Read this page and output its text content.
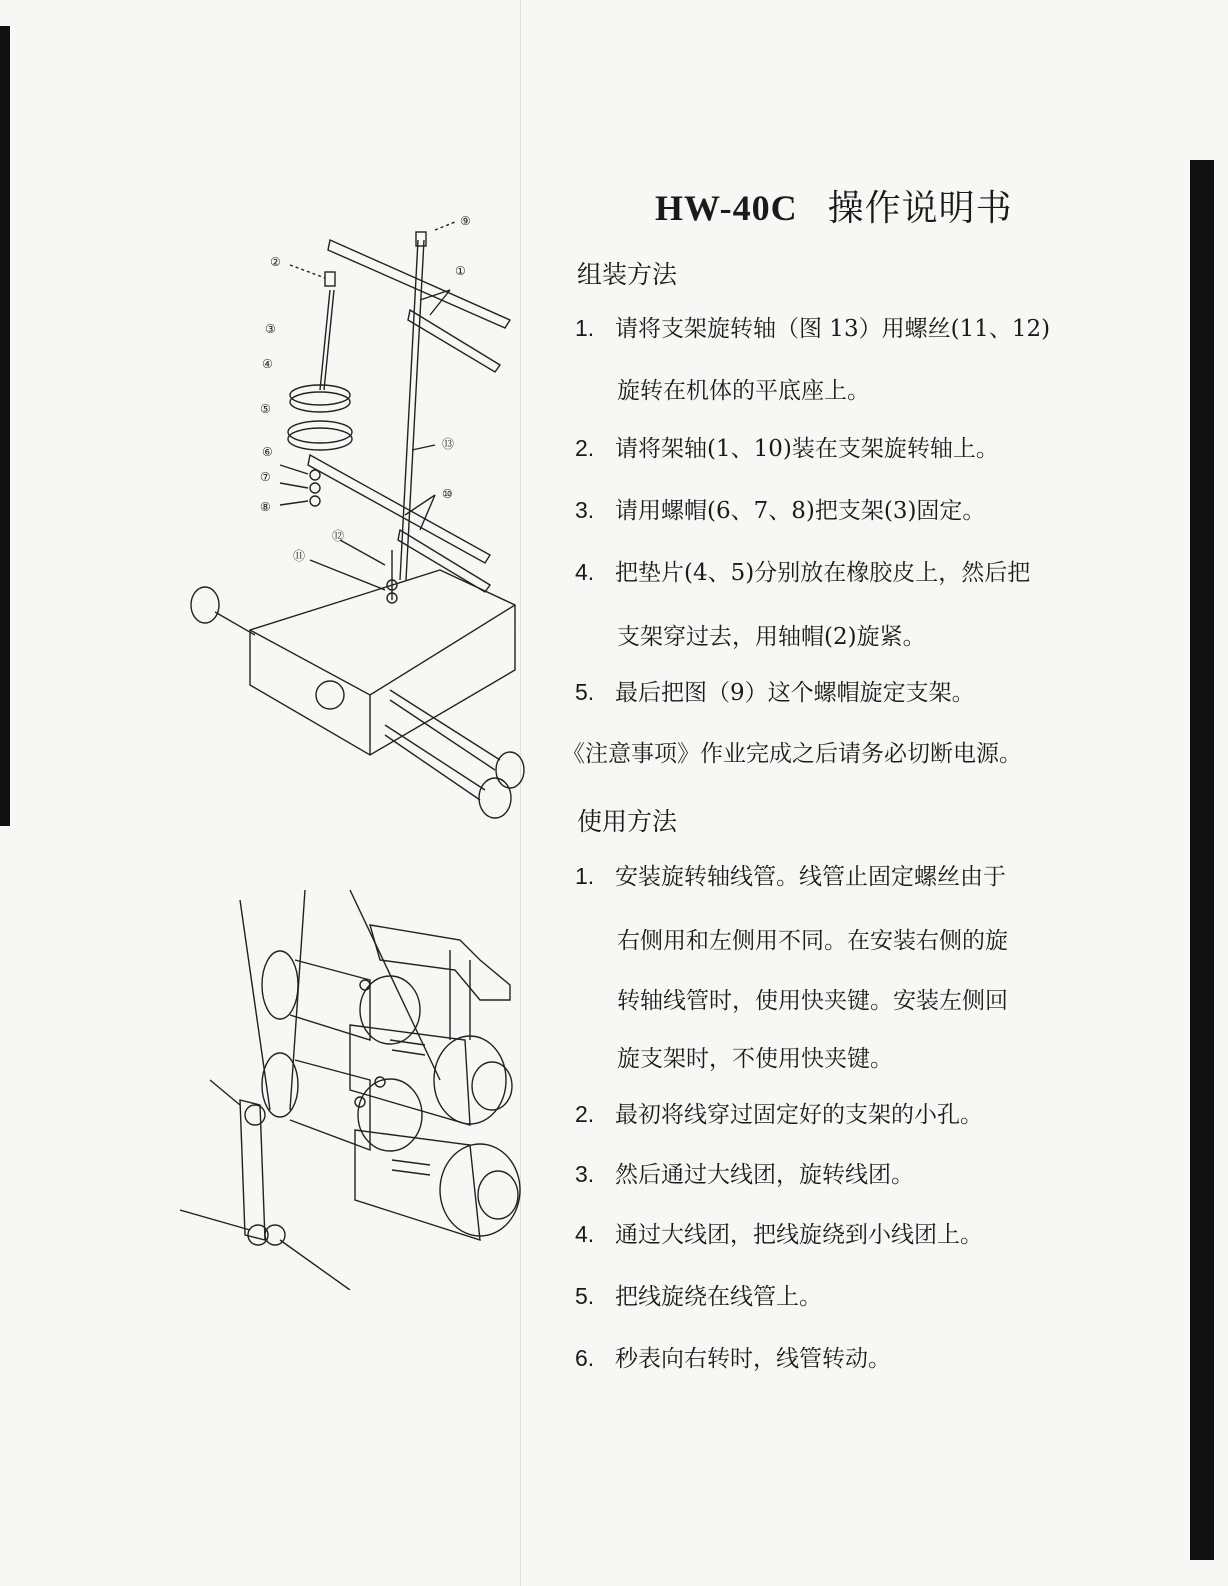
HW-40C 操作说明书
组装方法
1. 请将支架旋转轴（图 13）用螺丝(11、12)
旋转在机体的平底座上。
2. 请将架轴(1、10)装在支架旋转轴上。
3. 请用螺帽(6、7、8)把支架(3)固定。
4. 把垫片(4、5)分别放在橡胶皮上，然后把
支架穿过去，用轴帽(2)旋紧。
5. 最后把图（9）这个螺帽旋定支架。
《注意事项》作业完成之后请务必切断电源。
使用方法
1. 安装旋转轴线管。线管止固定螺丝由于
右侧用和左侧用不同。在安装右侧的旋
转轴线管时，使用快夹键。安装左侧回
旋支架时，不使用快夹键。
2. 最初将线穿过固定好的支架的小孔。
3. 然后通过大线团，旋转线团。
4. 通过大线团，把线旋绕到小线团上。
5. 把线旋绕在线管上。
6. 秒表向右转时，线管转动。
⑨
②
①
③
④
⑤
⑬
⑥
⑦
⑧
⑩
⑫
⑪
